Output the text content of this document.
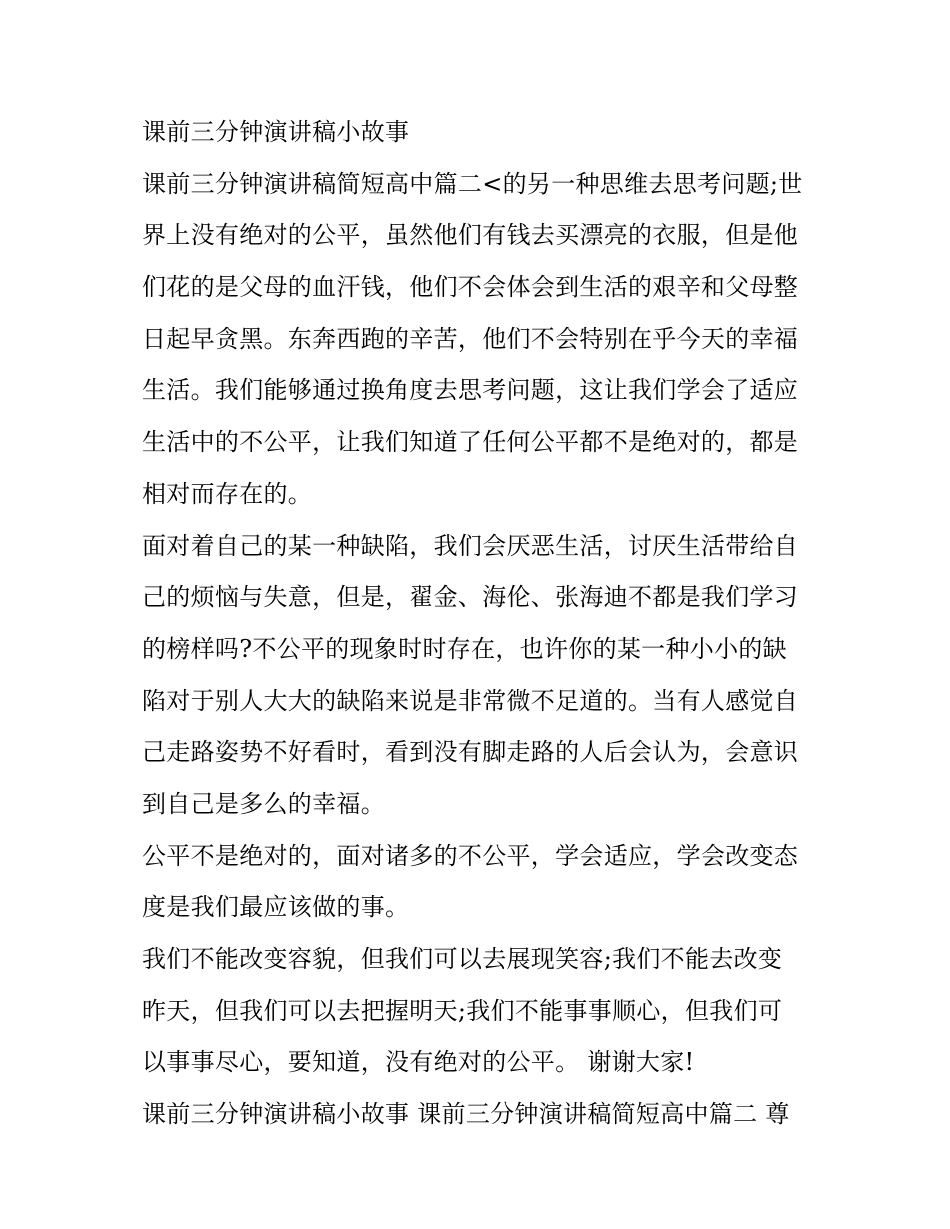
课前三分钟演讲稿小故事
课前三分钟演讲稿简短高中篇二<的另一种思维去思考问题;世
界上没有绝对的公平，虽然他们有钱去买漂亮的衣服，但是他
们花的是父母的血汗钱，他们不会体会到生活的艰辛和父母整
日起早贪黑。东奔西跑的辛苦，他们不会特别在乎今天的幸福
生活。我们能够通过换角度去思考问题，这让我们学会了适应
生活中的不公平，让我们知道了任何公平都不是绝对的，都是
相对而存在的。
面对着自己的某一种缺陷，我们会厌恶生活，讨厌生活带给自
己的烦恼与失意，但是，翟金、海伦、张海迪不都是我们学习
的榜样吗?不公平的现象时时存在，也许你的某一种小小的缺
陷对于别人大大的缺陷来说是非常微不足道的。当有人感觉自
己走路姿势不好看时，看到没有脚走路的人后会认为，会意识
到自己是多么的幸福。
公平不是绝对的，面对诸多的不公平，学会适应，学会改变态
度是我们最应该做的事。
我们不能改变容貌，但我们可以去展现笑容;我们不能去改变
昨天，但我们可以去把握明天;我们不能事事顺心，但我们可
以事事尽心，要知道，没有绝对的公平。 谢谢大家!
课前三分钟演讲稿小故事 课前三分钟演讲稿简短高中篇二 尊
